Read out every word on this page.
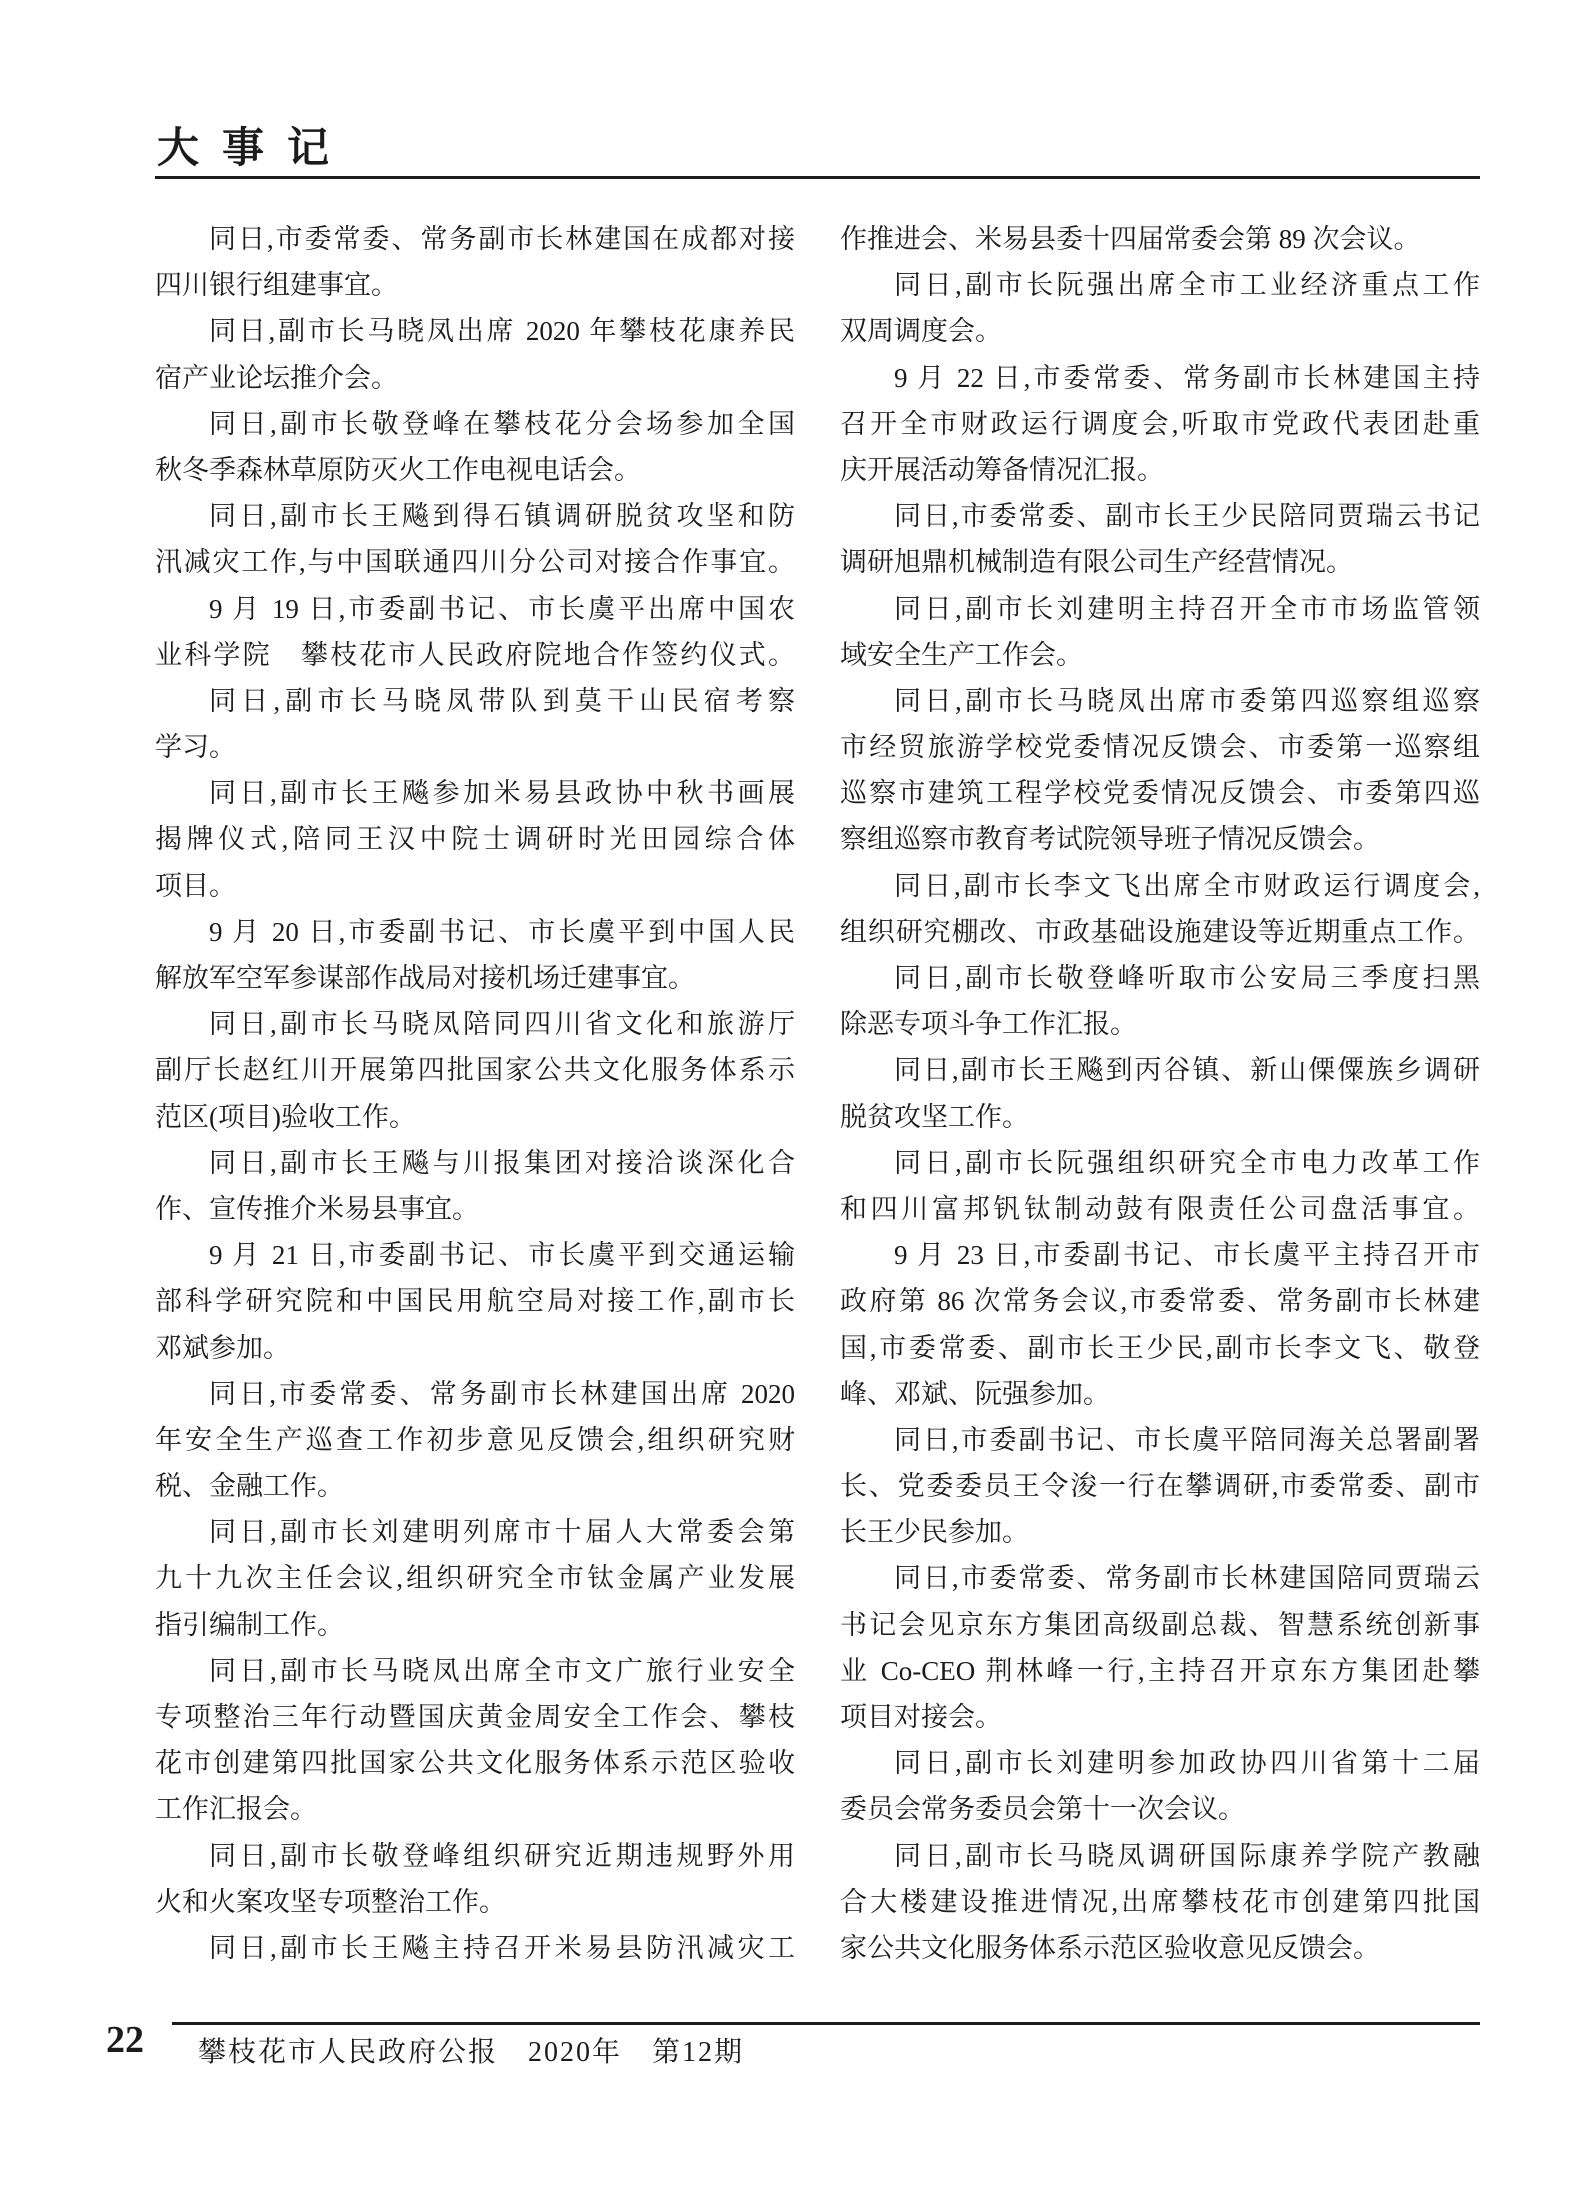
大事记
同日,市委常委、常务副市长林建国在成都对接
四川银行组建事宜。
同日,副市长马晓凤出席 2020 年攀枝花康养民
宿产业论坛推介会。
同日,副市长敬登峰在攀枝花分会场参加全国
秋冬季森林草原防灭火工作电视电话会。
同日,副市长王飚到得石镇调研脱贫攻坚和防
汛减灾工作,与中国联通四川分公司对接合作事宜。
9 月 19 日,市委副书记、市长虞平出席中国农
业科学院　攀枝花市人民政府院地合作签约仪式。
同日,副市长马晓凤带队到莫干山民宿考察
学习。
同日,副市长王飚参加米易县政协中秋书画展
揭牌仪式,陪同王汉中院士调研时光田园综合体
项目。
9 月 20 日,市委副书记、市长虞平到中国人民
解放军空军参谋部作战局对接机场迁建事宜。
同日,副市长马晓凤陪同四川省文化和旅游厅
副厅长赵红川开展第四批国家公共文化服务体系示
范区(项目)验收工作。
同日,副市长王飚与川报集团对接洽谈深化合
作、宣传推介米易县事宜。
9 月 21 日,市委副书记、市长虞平到交通运输
部科学研究院和中国民用航空局对接工作,副市长
邓斌参加。
同日,市委常委、常务副市长林建国出席 2020
年安全生产巡查工作初步意见反馈会,组织研究财
税、金融工作。
同日,副市长刘建明列席市十届人大常委会第
九十九次主任会议,组织研究全市钛金属产业发展
指引编制工作。
同日,副市长马晓凤出席全市文广旅行业安全
专项整治三年行动暨国庆黄金周安全工作会、攀枝
花市创建第四批国家公共文化服务体系示范区验收
工作汇报会。
同日,副市长敬登峰组织研究近期违规野外用
火和火案攻坚专项整治工作。
同日,副市长王飚主持召开米易县防汛减灾工
作推进会、米易县委十四届常委会第 89 次会议。
同日,副市长阮强出席全市工业经济重点工作
双周调度会。
9 月 22 日,市委常委、常务副市长林建国主持
召开全市财政运行调度会,听取市党政代表团赴重
庆开展活动筹备情况汇报。
同日,市委常委、副市长王少民陪同贾瑞云书记
调研旭鼎机械制造有限公司生产经营情况。
同日,副市长刘建明主持召开全市市场监管领
域安全生产工作会。
同日,副市长马晓凤出席市委第四巡察组巡察
市经贸旅游学校党委情况反馈会、市委第一巡察组
巡察市建筑工程学校党委情况反馈会、市委第四巡
察组巡察市教育考试院领导班子情况反馈会。
同日,副市长李文飞出席全市财政运行调度会,
组织研究棚改、市政基础设施建设等近期重点工作。
同日,副市长敬登峰听取市公安局三季度扫黑
除恶专项斗争工作汇报。
同日,副市长王飚到丙谷镇、新山傈僳族乡调研
脱贫攻坚工作。
同日,副市长阮强组织研究全市电力改革工作
和四川富邦钒钛制动鼓有限责任公司盘活事宜。
9 月 23 日,市委副书记、市长虞平主持召开市
政府第 86 次常务会议,市委常委、常务副市长林建
国,市委常委、副市长王少民,副市长李文飞、敬登
峰、邓斌、阮强参加。
同日,市委副书记、市长虞平陪同海关总署副署
长、党委委员王令浚一行在攀调研,市委常委、副市
长王少民参加。
同日,市委常委、常务副市长林建国陪同贾瑞云
书记会见京东方集团高级副总裁、智慧系统创新事
业 Co-CEO 荆林峰一行,主持召开京东方集团赴攀
项目对接会。
同日,副市长刘建明参加政协四川省第十二届
委员会常务委员会第十一次会议。
同日,副市长马晓凤调研国际康养学院产教融
合大楼建设推进情况,出席攀枝花市创建第四批国
家公共文化服务体系示范区验收意见反馈会。
22 攀枝花市人民政府公报　2020年　第12期
